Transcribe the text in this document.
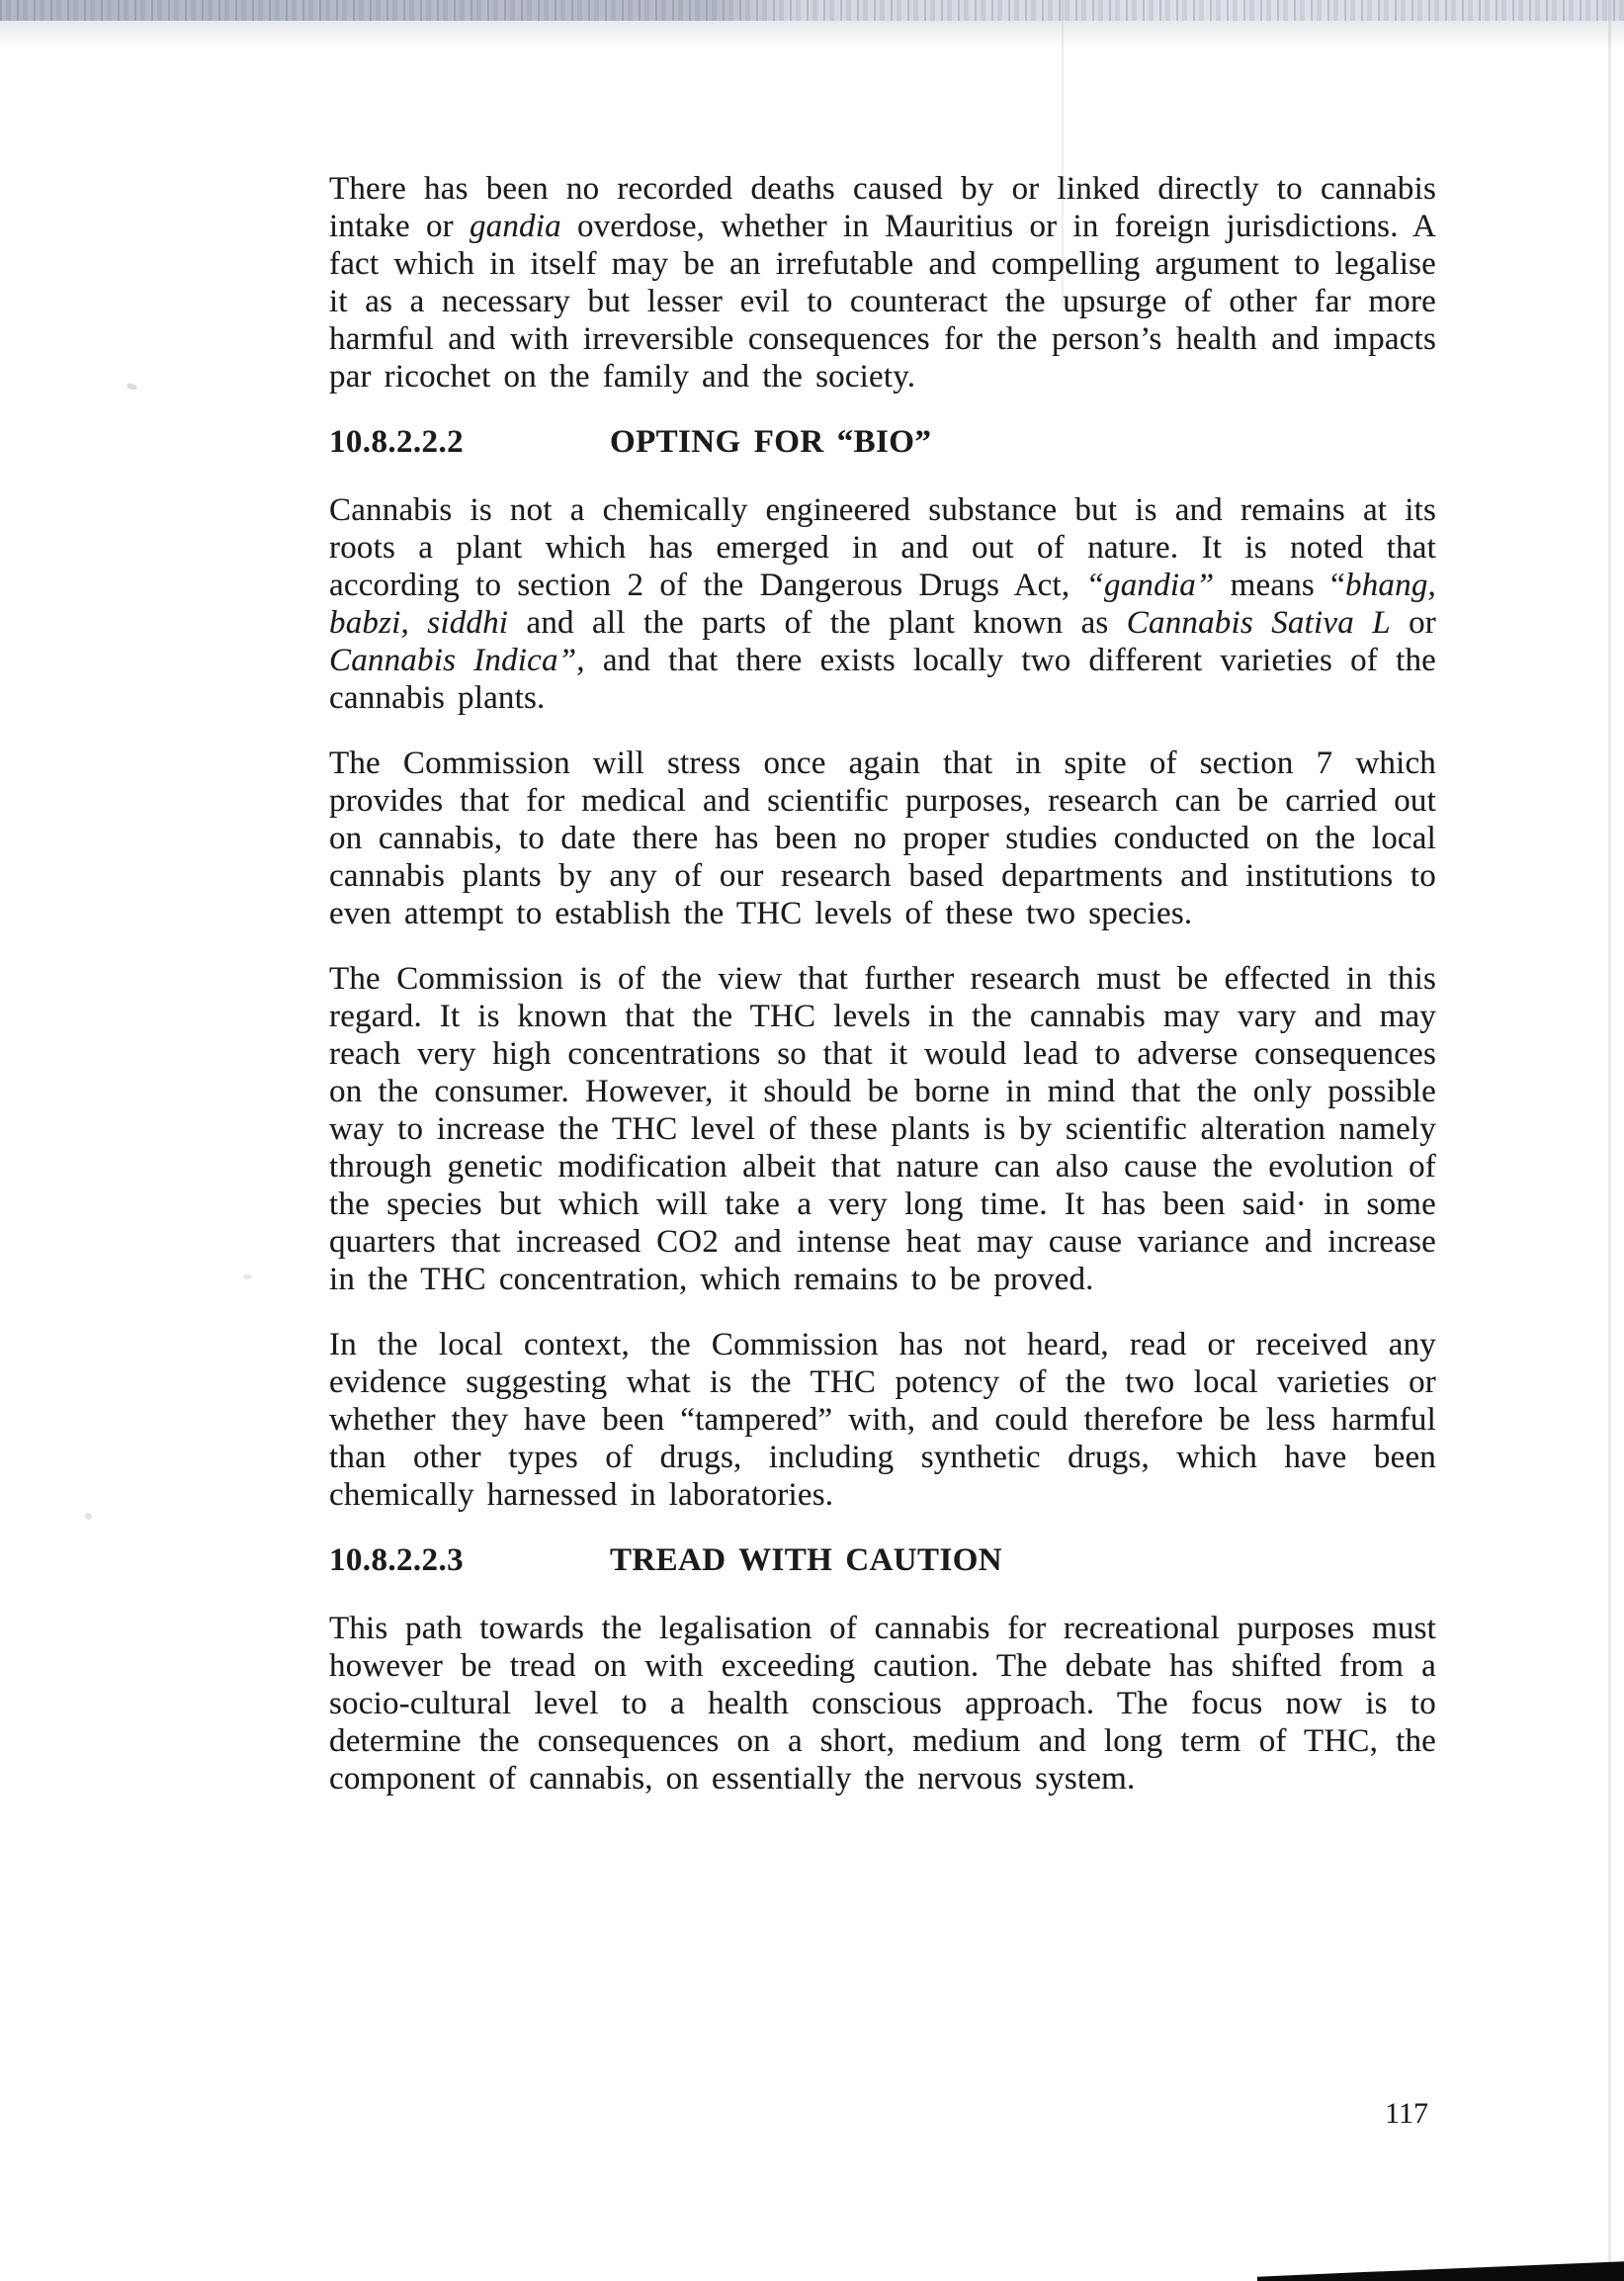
There has been no recorded deaths caused by or linked directly to cannabis intake or gandia overdose, whether in Mauritius or in foreign jurisdictions. A fact which in itself may be an irrefutable and compelling argument to legalise it as a necessary but lesser evil to counteract the upsurge of other far more harmful and with irreversible consequences for the person’s health and impacts par ricochet on the family and the society.

10.8.2.2.2	OPTING FOR “BIO”

Cannabis is not a chemically engineered substance but is and remains at its roots a plant which has emerged in and out of nature. It is noted that according to section 2 of the Dangerous Drugs Act, “gandia” means “bhang, babzi, siddhi and all the parts of the plant known as Cannabis Sativa L or Cannabis Indica”, and that there exists locally two different varieties of the cannabis plants.

The Commission will stress once again that in spite of section 7 which provides that for medical and scientific purposes, research can be carried out on cannabis, to date there has been no proper studies conducted on the local cannabis plants by any of our research based departments and institutions to even attempt to establish the THC levels of these two species.

The Commission is of the view that further research must be effected in this regard. It is known that the THC levels in the cannabis may vary and may reach very high concentrations so that it would lead to adverse consequences on the consumer. However, it should be borne in mind that the only possible way to increase the THC level of these plants is by scientific alteration namely through genetic modification albeit that nature can also cause the evolution of the species but which will take a very long time. It has been said· in some quarters that increased CO2 and intense heat may cause variance and increase in the THC concentration, which remains to be proved.

In the local context, the Commission has not heard, read or received any evidence suggesting what is the THC potency of the two local varieties or whether they have been “tampered” with, and could therefore be less harmful than other types of drugs, including synthetic drugs, which have been chemically harnessed in laboratories.

10.8.2.2.3	TREAD WITH CAUTION

This path towards the legalisation of cannabis for recreational purposes must however be tread on with exceeding caution. The debate has shifted from a socio-cultural level to a health conscious approach. The focus now is to determine the consequences on a short, medium and long term of THC, the component of cannabis, on essentially the nervous system.

117
